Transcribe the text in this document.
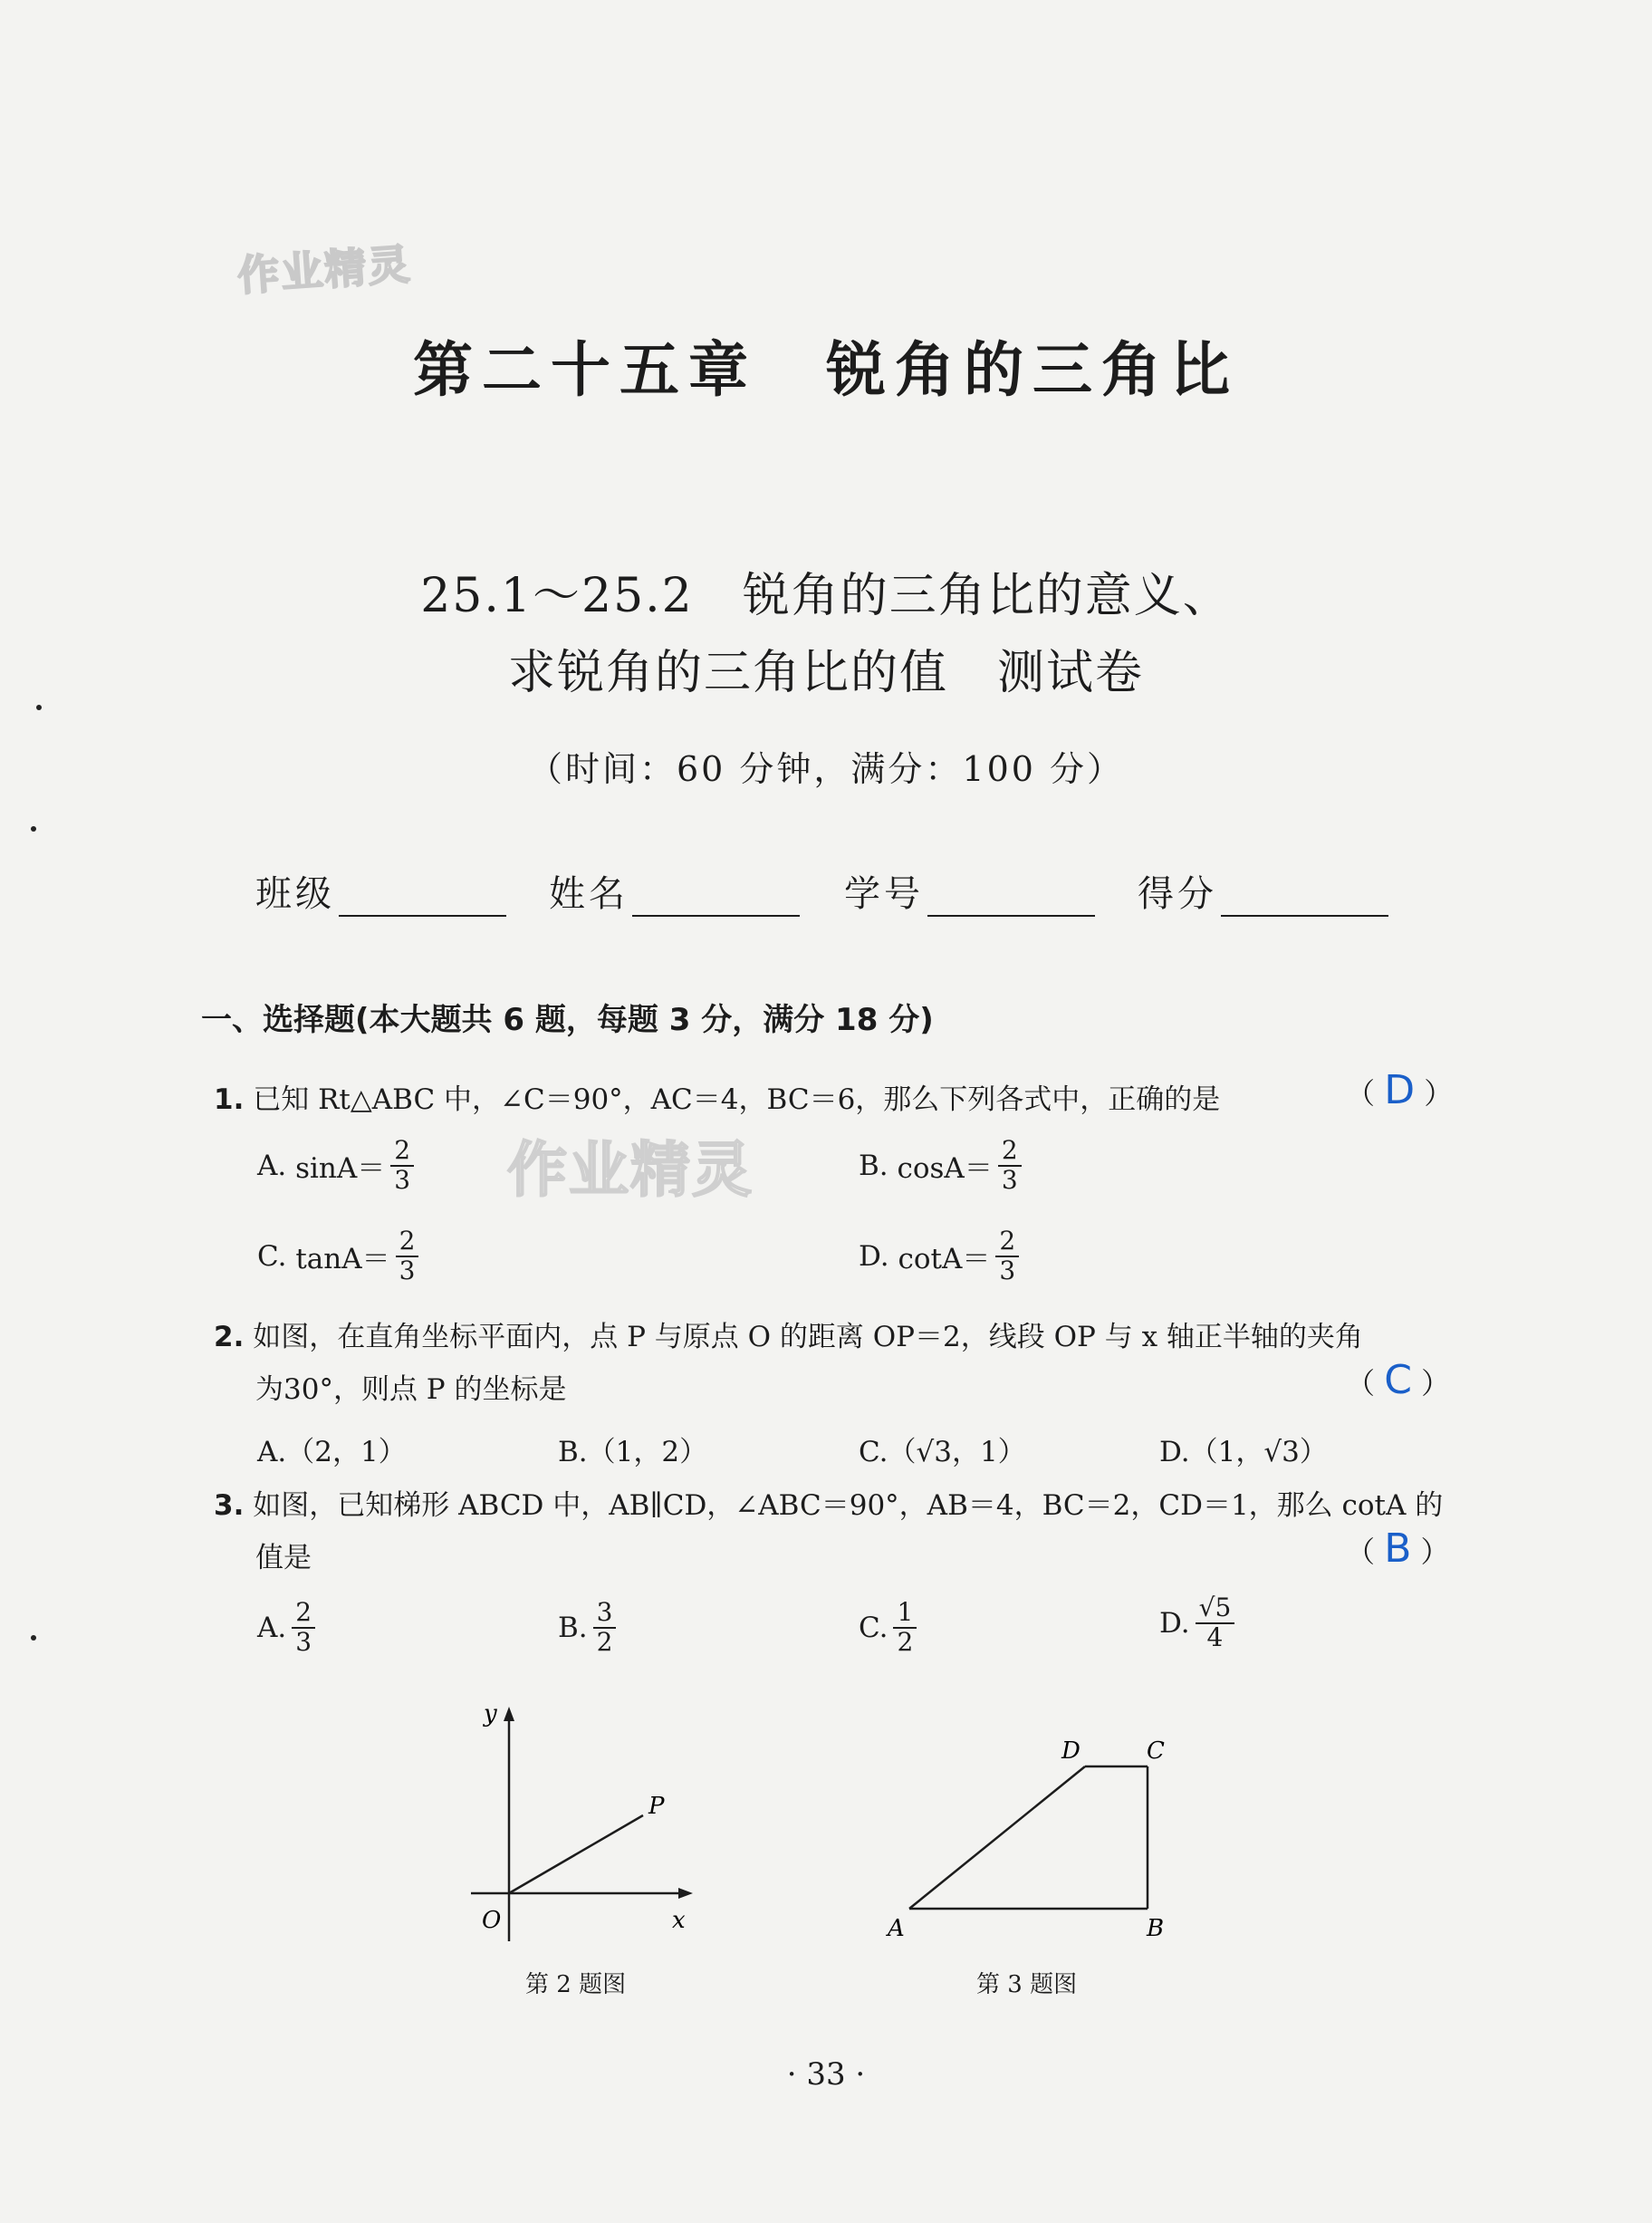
作业精灵
作业精灵
第二十五章　锐角的三角比
25.1～25.2　锐角的三角比的意义、
求锐角的三角比的值　测试卷
（时间：60 分钟，满分：100 分）
班级	姓名	学号	得分
一、选择题(本大题共 6 题，每题 3 分，满分 18 分)
1. 已知 Rt△ABC 中，∠C＝90°，AC＝4，BC＝6，那么下列各式中，正确的是	（ D ）
A.
$\sin A= \frac{2}{3}$	B.
$\cos A= \frac{2}{3}$
C.
$\tan A= \frac{2}{3}$	D.
$\cot A= \frac{2}{3}$
2. 如图，在直角坐标平面内，点 P 与原点 O 的距离 OP＝2，线段 OP 与 x 轴正半轴的夹角
为30°，则点 P 的坐标是	（ C ）
A.（2，1）	B.（1，2）	C.（√3，1）	D.（1，√3）
3. 如图，已知梯形 ABCD 中，AB∥CD，∠ABC＝90°，AB＝4，BC＝2，CD＝1，那么 cotA 的
值是	（ B ）
A. $\frac{2}{3}$	B. $\frac{3}{2}$	C. $\frac{1}{2}$	D. $\frac{√5}{4}$
y
x
O
P
第 2 题图
A	B
C
D
第 3 题图
· 33 ·
